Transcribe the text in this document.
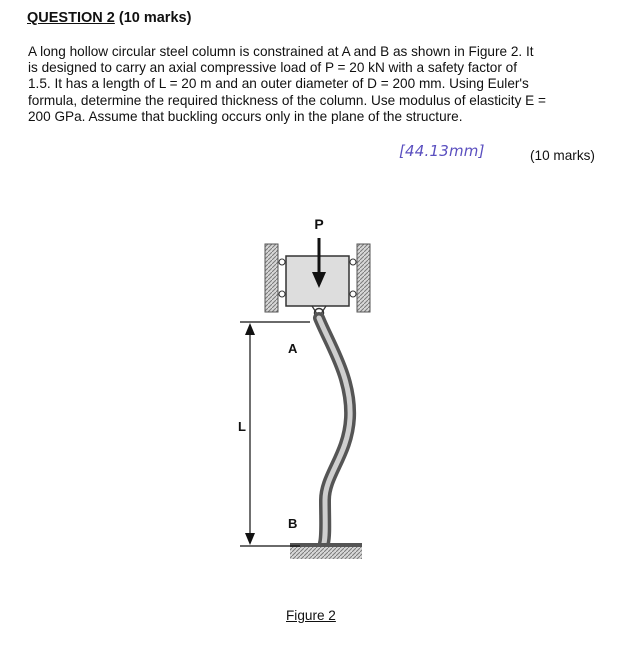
QUESTION 2 (10 marks)

A long hollow circular steel column is constrained at A and B as shown in Figure 2. It
is designed to carry an axial compressive load of P = 20 kN with a safety factor of
1.5. It has a length of L = 20 m and an outer diameter of D = 200 mm. Using Euler's
formula, determine the required thickness of the column. Use modulus of elasticity E =
200 GPa. Assume that buckling occurs only in the plane of the structure.

[44.13mm]	(10 marks)
P
L
A
B
Figure 2
